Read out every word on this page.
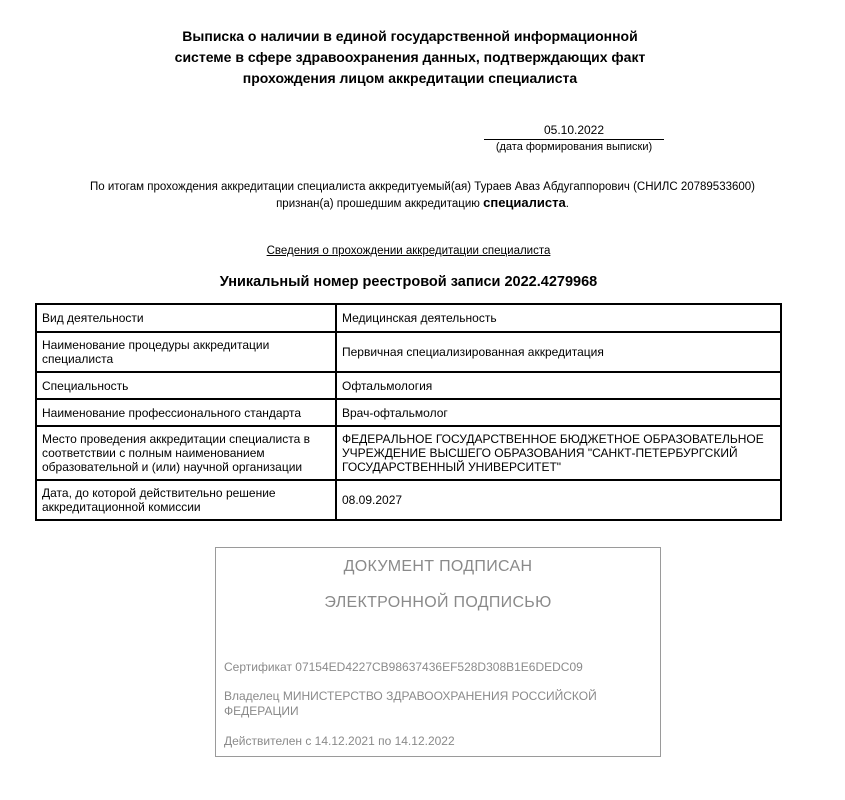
Выписка о наличии в единой государственной информационной
системе в сфере здравоохранения данных, подтверждающих факт
прохождения лицом аккредитации специалиста
05.10.2022
(дата формирования выписки)
По итогам прохождения аккредитации специалиста аккредитуемый(ая) Тураев Аваз Абдугаппорович (СНИЛС 20789533600)
признан(а) прошедшим аккредитацию специалиста.
Сведения о прохождении аккредитации специалиста
Уникальный номер реестровой записи 2022.4279968
Вид деятельности	Медицинская деятельность
Наименование процедуры аккредитации специалиста	Первичная специализированная аккредитация
Специальность	Офтальмология
Наименование профессионального стандарта	Врач-офтальмолог
Место проведения аккредитации специалиста в соответствии с полным наименованием образовательной и (или) научной организации	ФЕДЕРАЛЬНОЕ ГОСУДАРСТВЕННОЕ БЮДЖЕТНОЕ ОБРАЗОВАТЕЛЬНОЕ УЧРЕЖДЕНИЕ ВЫСШЕГО ОБРАЗОВАНИЯ "САНКТ-ПЕТЕРБУРГСКИЙ ГОСУДАРСТВЕННЫЙ УНИВЕРСИТЕТ"
Дата, до которой действительно решение аккредитационной комиссии	08.09.2027
ДОКУМЕНТ ПОДПИСАН
ЭЛЕКТРОННОЙ ПОДПИСЬЮ
Сертификат 07154ED4227CB98637436EF528D308B1E6DEDC09
Владелец МИНИСТЕРСТВО ЗДРАВООХРАНЕНИЯ РОССИЙСКОЙ ФЕДЕРАЦИИ
Действителен с 14.12.2021 по 14.12.2022
